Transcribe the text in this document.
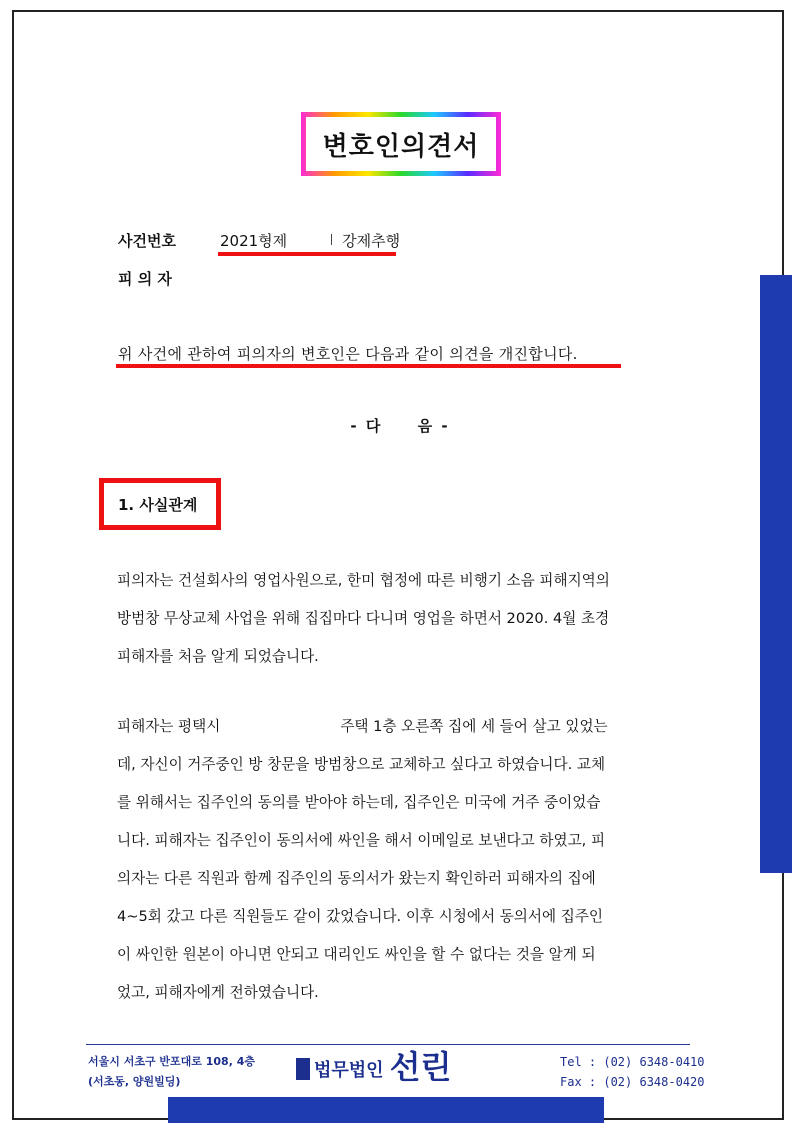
변호인의견서
사건번호	2021형제	강제추행
피 의 자
위 사건에 관하여 피의자의 변호인은 다음과 같이 의견을 개진합니다.
- 다 음 -
1. 사실관계
피의자는 건설회사의 영업사원으로, 한미 협정에 따른 비행기 소음 피해지역의
방범창 무상교체 사업을 위해 집집마다 다니며 영업을 하면서 2020. 4월 초경
피해자를 처음 알게 되었습니다.
피해자는 평택시	주택 1층 오른쪽 집에 세 들어 살고 있었는
데, 자신이 거주중인 방 창문을 방범창으로 교체하고 싶다고 하였습니다. 교체
를 위해서는 집주인의 동의를 받아야 하는데, 집주인은 미국에 거주 중이었습
니다. 피해자는 집주인이 동의서에 싸인을 해서 이메일로 보낸다고 하였고, 피
의자는 다른 직원과 함께 집주인의 동의서가 왔는지 확인하러 피해자의 집에
4~5회 갔고 다른 직원들도 같이 갔었습니다. 이후 시청에서 동의서에 집주인
이 싸인한 원본이 아니면 안되고 대리인도 싸인을 할 수 없다는 것을 알게 되
었고, 피해자에게 전하였습니다.
서울시 서초구 반포대로 108, 4층
(서초동, 양원빌딩)
법무법인 선린	Tel : (02) 6348-0410
Fax : (02) 6348-0420
